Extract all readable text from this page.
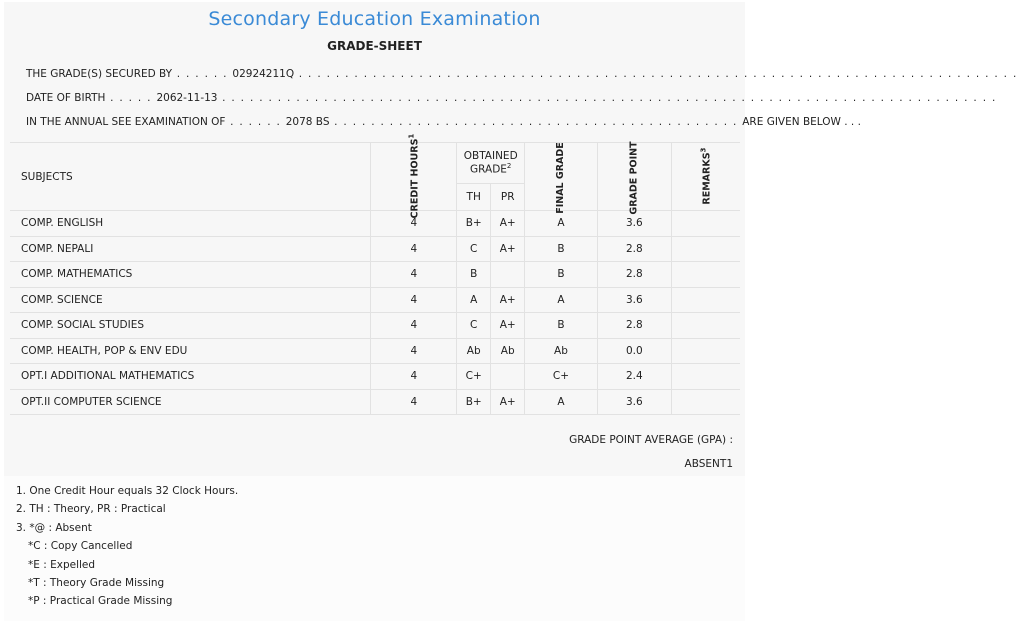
Secondary Education Examination
GRADE-SHEET
THE GRADE(S) SECURED BY . . . . . . 02924211Q . . . . . . . . . . . . . . . . . . . . . . . . . . . . . . . . . . . . . . . . . . . . . . . . . . . . . . . . . . . . . . . . . . . . . . . . . . . . . .
DATE OF BIRTH . . . . . 2062-11-13 . . . . . . . . . . . . . . . . . . . . . . . . . . . . . . . . . . . . . . . . . . . . . . . . . . . . . . . . . . . . . . . . . . . . . . . . . . . . . . . . . . . .
IN THE ANNUAL SEE EXAMINATION OF . . . . . . 2078 BS . . . . . . . . . . . . . . . . . . . . . . . . . . . . . . . . . . . . . . . . . . . . ARE GIVEN BELOW . . .
SUBJECTS	CREDIT HOURS$^1$	OBTAINED GRADE$^2$		FINAL GRADE	GRADE POINT	REMARKS$^3$
		TH	PR			
COMP. ENGLISH	4	B+	A+	A	3.6	
COMP. NEPALI	4	C	A+	B	2.8	
COMP. MATHEMATICS	4	B		B	2.8	
COMP. SCIENCE	4	A	A+	A	3.6	
COMP. SOCIAL STUDIES	4	C	A+	B	2.8	
COMP. HEALTH, POP & ENV EDU	4	Ab	Ab	Ab	0.0	
OPT.I ADDITIONAL MATHEMATICS	4	C+		C+	2.4	
OPT.II COMPUTER SCIENCE	4	B+	A+	A	3.6	
GRADE POINT AVERAGE (GPA) :
ABSENT1
1. One Credit Hour equals 32 Clock Hours.
2. TH : Theory, PR : Practical
3. *@ : Absent
*C : Copy Cancelled
*E : Expelled
*T : Theory Grade Missing
*P : Practical Grade Missing
